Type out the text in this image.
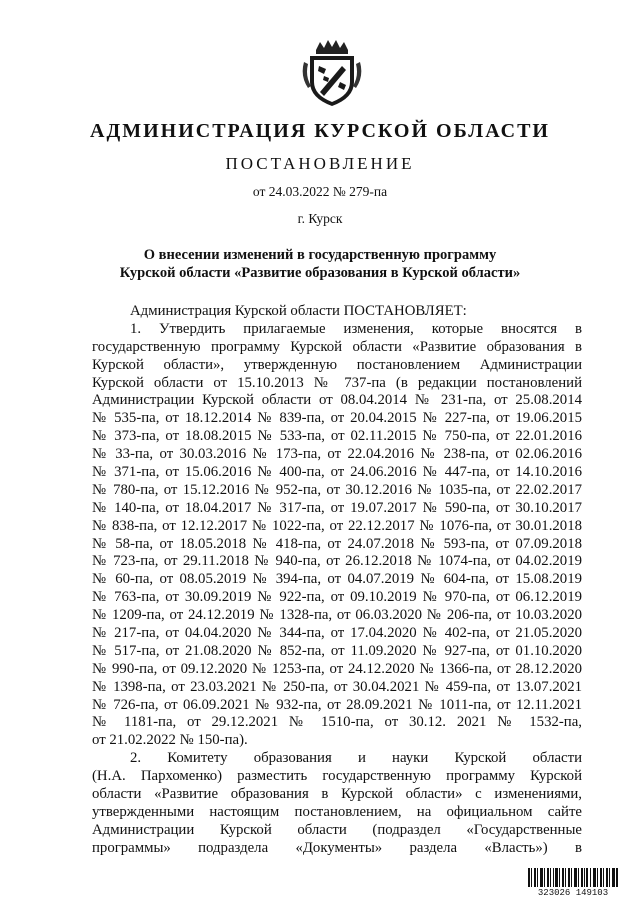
АДМИНИСТРАЦИЯ КУРСКОЙ ОБЛАСТИ
ПОСТАНОВЛЕНИЕ
от 24.03.2022 № 279-па
г. Курск
О внесении изменений в государственную программу
Курской области «Развитие образования в Курской области»
Администрация Курской области ПОСТАНОВЛЯЕТ:
1. Утвердить прилагаемые изменения, которые вносятся в
государственную программу Курской области «Развитие образования в
Курской области», утвержденную постановлением Администрации
Курской области от 15.10.2013 № 737-па (в редакции постановлений
Администрации Курской области от 08.04.2014 № 231-па, от 25.08.2014
№ 535-па, от 18.12.2014 № 839-па, от 20.04.2015 № 227-па, от 19.06.2015
№ 373-па, от 18.08.2015 № 533-па, от 02.11.2015 № 750-па, от 22.01.2016
№ 33-па, от 30.03.2016 № 173-па, от 22.04.2016 № 238-па, от 02.06.2016
№ 371-па, от 15.06.2016 № 400-па, от 24.06.2016 № 447-па, от 14.10.2016
№ 780-па, от 15.12.2016 № 952-па, от 30.12.2016 № 1035-па, от 22.02.2017
№ 140-па, от 18.04.2017 № 317-па, от 19.07.2017 № 590-па, от 30.10.2017
№ 838-па, от 12.12.2017 № 1022-па, от 22.12.2017 № 1076-па, от 30.01.2018
№ 58-па, от 18.05.2018 № 418-па, от 24.07.2018 № 593-па, от 07.09.2018
№ 723-па, от 29.11.2018 № 940-па, от 26.12.2018 № 1074-па, от 04.02.2019
№ 60-па, от 08.05.2019 № 394-па, от 04.07.2019 № 604-па, от 15.08.2019
№ 763-па, от 30.09.2019 № 922-па, от 09.10.2019 № 970-па, от 06.12.2019
№ 1209-па, от 24.12.2019 № 1328-па, от 06.03.2020 № 206-па, от 10.03.2020
№ 217-па, от 04.04.2020 № 344-па, от 17.04.2020 № 402-па, от 21.05.2020
№ 517-па, от 21.08.2020 № 852-па, от 11.09.2020 № 927-па, от 01.10.2020
№ 990-па, от 09.12.2020 № 1253-па, от 24.12.2020 № 1366-па, от 28.12.2020
№ 1398-па, от 23.03.2021 № 250-па, от 30.04.2021 № 459-па, от 13.07.2021
№ 726-па, от 06.09.2021 № 932-па, от 28.09.2021 № 1011-па, от 12.11.2021
№ 1181-па, от 29.12.2021 № 1510-па, от 30.12. 2021 № 1532-па,
от 21.02.2022 № 150-па).
2. Комитету образования и науки Курской области
(Н.А. Пархоменко) разместить государственную программу Курской
области «Развитие образования в Курской области» с изменениями,
утвержденными настоящим постановлением, на официальном сайте
Администрации Курской области (подраздел «Государственные
программы» подраздела «Документы» раздела «Власть») в
323026 149103
